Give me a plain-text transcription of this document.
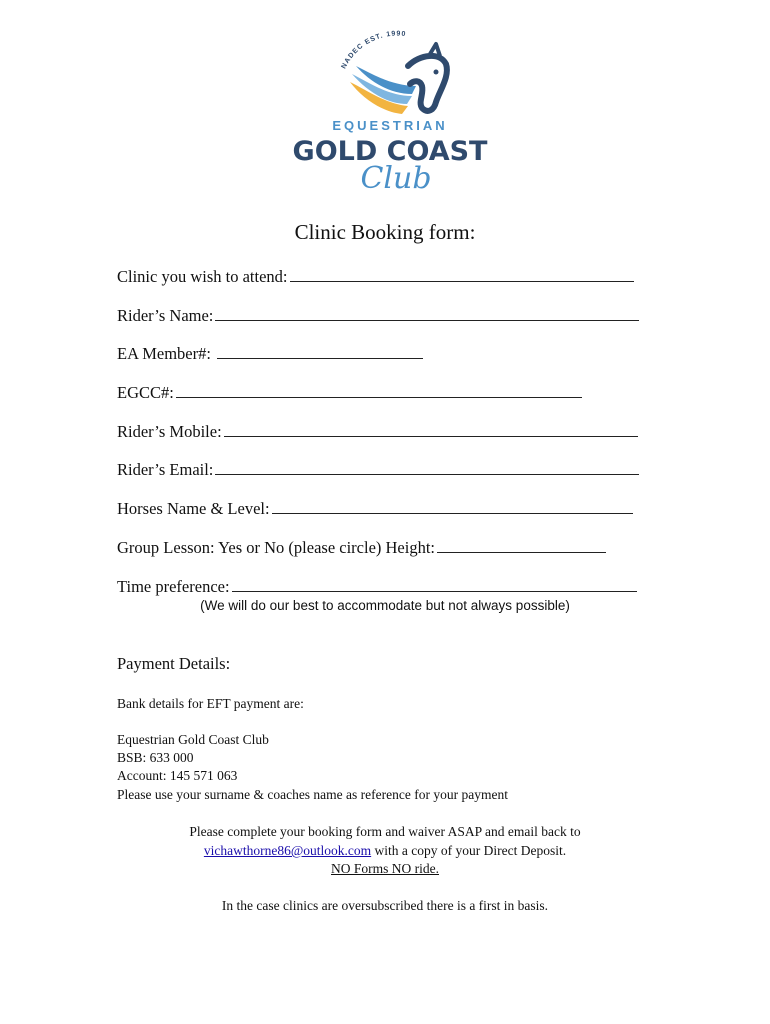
NADEC EST. 1990
EQUESTRIAN
GOLD COAST
Club
Clinic Booking form:
Clinic you wish to attend:
Rider’s Name:
EA Member#:
EGCC#:
Rider’s Mobile:
Rider’s Email:
Horses Name & Level:
Group Lesson: Yes or No (please circle) Height:
Time preference:
(We will do our best to accommodate but not always possible)
Payment Details:
Bank details for EFT payment are:
Equestrian Gold Coast Club
BSB: 633 000
Account: 145 571 063
Please use your surname & coaches name as reference for your payment
Please complete your booking form and waiver ASAP and email back to
vichawthorne86@outlook.com with a copy of your Direct Deposit.
NO Forms NO ride.
In the case clinics are oversubscribed there is a first in basis.
